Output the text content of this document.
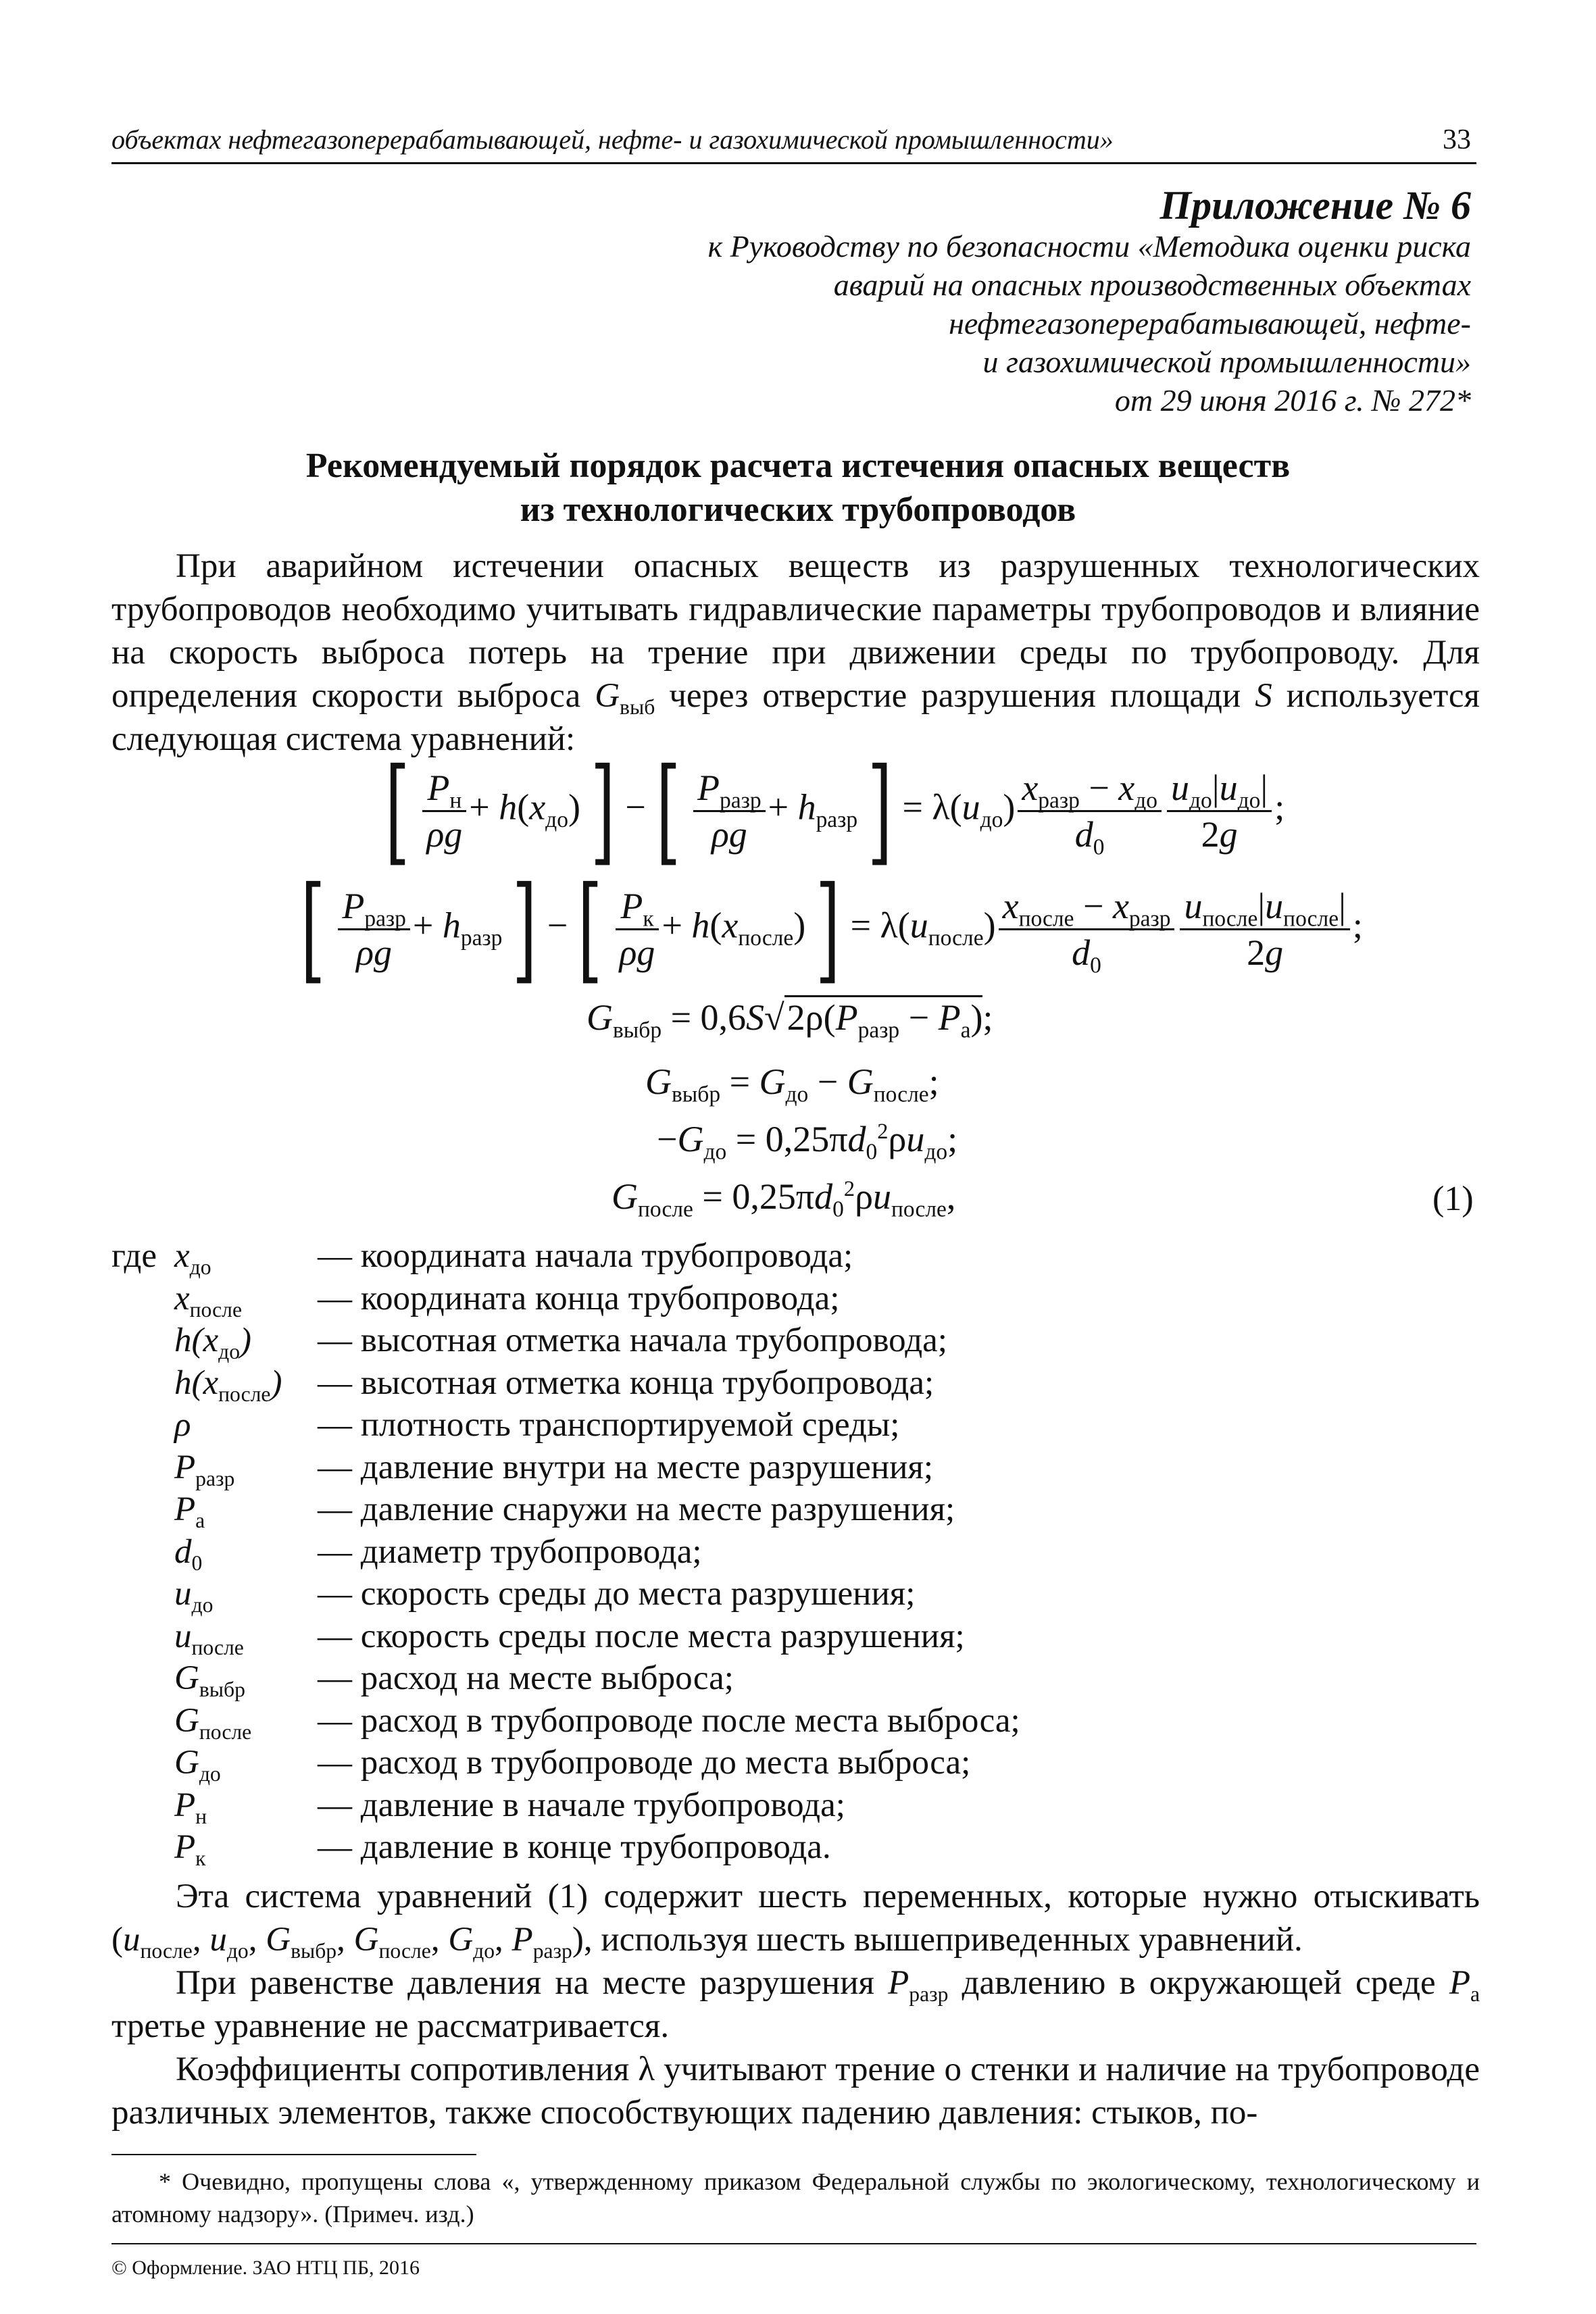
объектах нефтегазоперерабатывающей, нефте- и газохимической промышленности»	33
Приложение № 6
к Руководству по безопасности «Методика оценки риска
аварий на опасных производственных объектах
нефтегазоперерабатывающей, нефте-
и газохимической промышленности»
от 29 июня 2016 г. № 272*
Рекомендуемый порядок расчета истечения опасных веществ
из технологических трубопроводов
При аварийном истечении опасных веществ из разрушенных технологических трубопроводов необходимо учитывать гидравлические параметры трубопроводов и влияние на скорость выброса потерь на трение при движении среды по трубопроводу. Для определения скорости выброса $G_{выб}$ через отверстие разрушения площади S используется следующая система уравнений:
[ $\frac{P_н}{\rho g} + h(x_{до})$] −[ $\frac{P_{разр}}{\rho g} + h_{разр}] = \lambda(u_{до}) \frac{x_{разр} - x_{до}}{d_0} \frac{u_{до}|u_{до}|}{2g}$ ;
[ $\frac{P_{разр}}{\rho g} + h_{разр}$] −[ $\frac{P_к}{\rho g} + h(x_{после})] = \lambda(u_{после}) \frac{x_{после} - x_{разр}}{d_0} \frac{u_{после}|u_{после}|}{2g}$ ;
$G_{выбр} = 0,6S√2\rho(P_{разр} - P_а)$;
$G_{выбр} = G_{до} - G_{после}$;
$-G_{до} = 0,25\pi d_0^2\rho u_{до}$;
$G_{после} = 0,25\pi d_0^2\rho u_{после}$,	(1)
где $x_{до}$	— координата начала трубопровода;
$x_{после}$	— координата конца трубопровода;
$h(x_{до})$	— высотная отметка начала трубопровода;
$h(x_{после})$	— высотная отметка конца трубопровода;
ρ	— плотность транспортируемой среды;
$P_{разр}$	— давление внутри на месте разрушения;
$P_а$	— давление снаружи на месте разрушения;
$d_0$	— диаметр трубопровода;
$u_{до}$	— скорость среды до места разрушения;
$u_{после}$	— скорость среды после места разрушения;
$G_{выбр}$	— расход на месте выброса;
$G_{после}$	— расход в трубопроводе после места выброса;
$G_{до}$	— расход в трубопроводе до места выброса;
$P_н$	— давление в начале трубопровода;
$P_к$	— давление в конце трубопровода.
Эта система уравнений (1) содержит шесть переменных, которые нужно отыскивать ($u_{после}$, $u_{до}$, $G_{выбр}$, $G_{после}$, $G_{до}$, $P_{разр}$), используя шесть вышеприведенных уравнений.
При равенстве давления на месте разрушения $P_{разр}$ давлению в окружающей среде $P_а$ третье уравнение не рассматривается.
Коэффициенты сопротивления λ учитывают трение о стенки и наличие на трубопроводе различных элементов, также способствующих падению давления: стыков, по-
* Очевидно, пропущены слова «, утвержденному приказом Федеральной службы по экологическому, технологическому и атомному надзору». (Примеч. изд.)
© Оформление. ЗАО НТЦ ПБ, 2016
